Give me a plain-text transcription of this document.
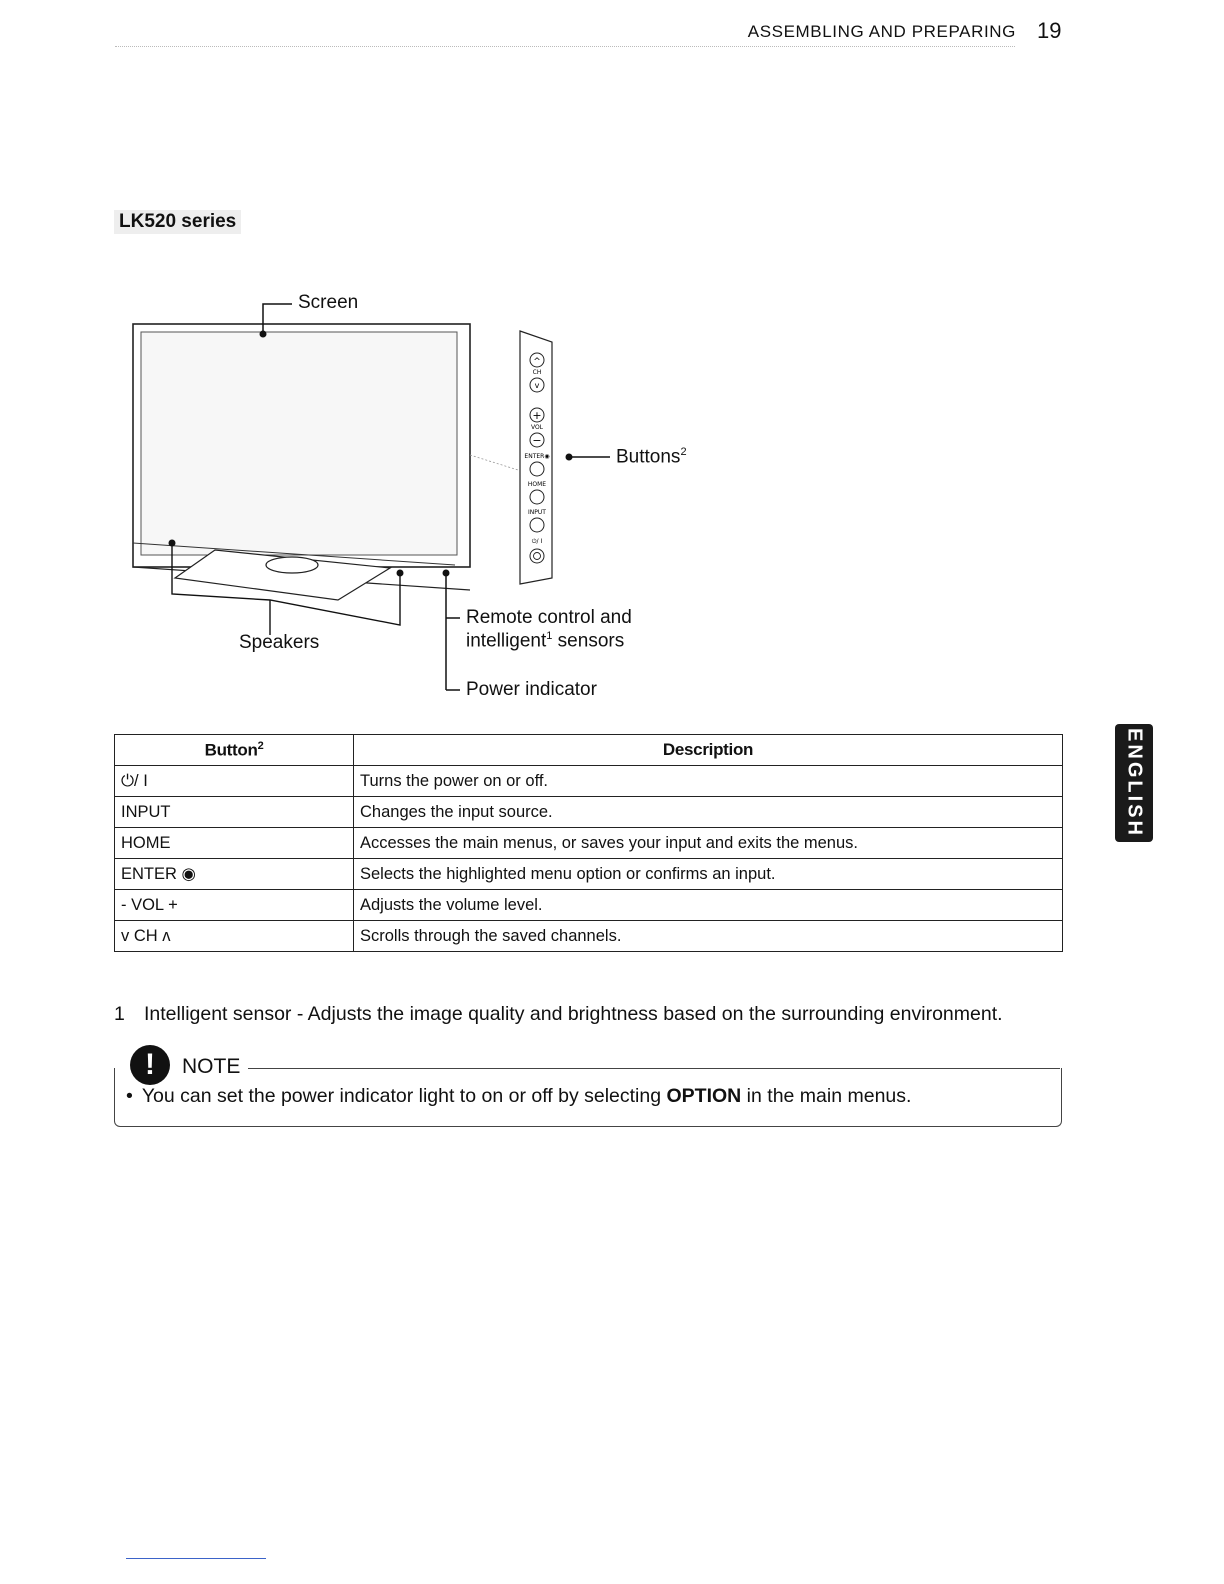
ASSEMBLING AND PREPARING 19
LK520 series
^
v
+
−
CH
VOL
ENTER◉
HOME
INPUT
⏻/ I
Screen
Buttons$^2$
Speakers
Remote control and
intelligent$^1$ sensors
Power indicator
Button$^2$	Description
⏻/ I	Turns the power on or off.
INPUT	Changes the input source.
HOME	Accesses the main menus, or saves your input and exits the menus.
ENTER ◉	Selects the highlighted menu option or confirms an input.
- VOL +	Adjusts the volume level.
v CH ʌ	Scrolls through the saved channels.
1 Intelligent sensor - Adjusts the image quality and brightness based on the surrounding environment.
!	NOTE
• You can set the power indicator light to on or off by selecting OPTION in the main menus.
ENGLISH
